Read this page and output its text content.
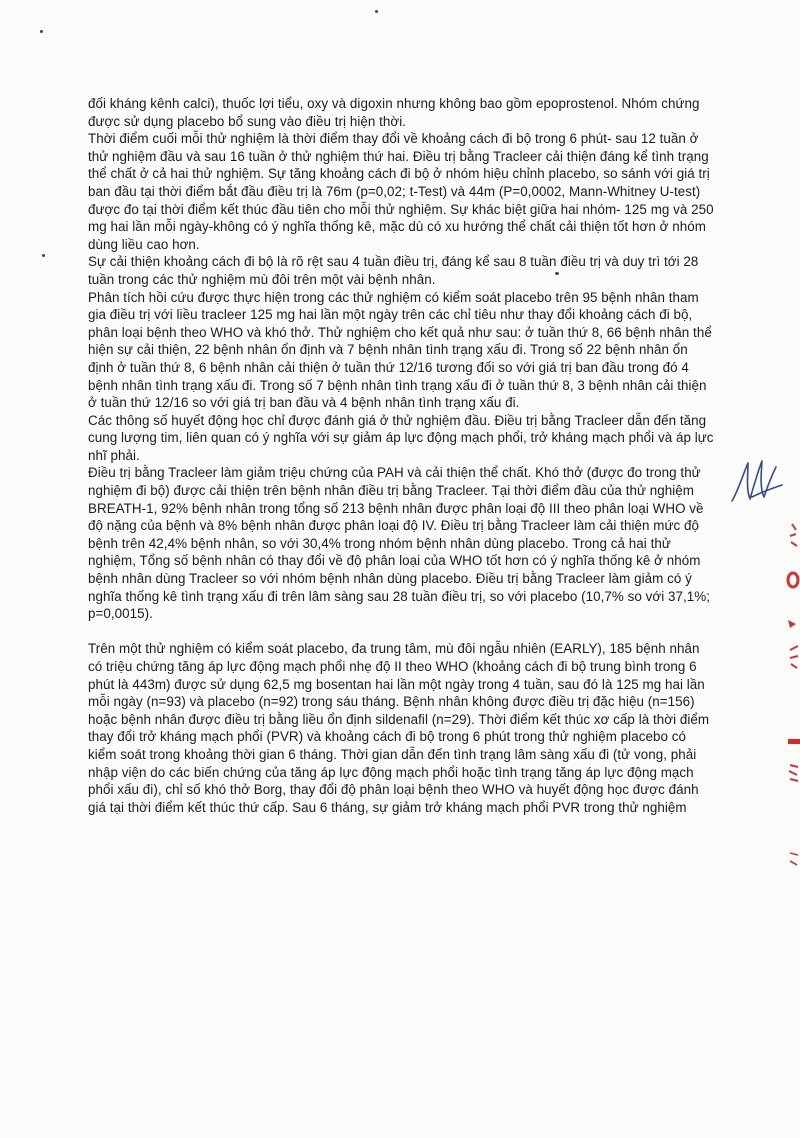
đối kháng kênh calci), thuốc lợi tiểu, oxy và digoxin nhưng không bao gồm epoprostenol. Nhóm chứng được sử dụng placebo bổ sung vào điều trị hiện thời.

Thời điểm cuối mỗi thử nghiệm là thời điểm thay đổi về khoảng cách đi bộ trong 6 phút- sau 12 tuần ở thử nghiệm đầu và sau 16 tuần ở thử nghiệm thứ hai. Điều trị bằng Tracleer cải thiện đáng kể tình trạng thể chất ở cả hai thử nghiệm. Sự tăng khoảng cách đi bộ ở nhóm hiệu chỉnh placebo, so sánh với giá trị ban đầu tại thời điểm bắt đầu điều trị là 76m (p=0,02; t-Test) và 44m (P=0,0002, Mann-Whitney U-test) được đo tại thời điểm kết thúc đầu tiên cho mỗi thử nghiệm. Sự khác biệt giữa hai nhóm- 125 mg và 250 mg hai lần mỗi ngày-không có ý nghĩa thống kê, mặc dù có xu hướng thể chất cải thiện tốt hơn ở nhóm dùng liều cao hơn.

Sự cải thiện khoảng cách đi bộ là rõ rệt sau 4 tuần điều trị, đáng kể sau 8 tuần điều trị và duy trì tới 28 tuần trong các thử nghiệm mù đôi trên một vài bệnh nhân.

Phân tích hồi cứu được thực hiện trong các thử nghiệm có kiểm soát placebo trên 95 bệnh nhân tham gia điều trị với liều tracleer 125 mg hai lần một ngày trên các chỉ tiêu như thay đổi khoảng cách đi bộ, phân loại bệnh theo WHO và khó thở. Thử nghiệm cho kết quả như sau: ở tuần thứ 8, 66 bệnh nhân thể hiện sự cải thiện, 22 bệnh nhân ổn định và 7 bệnh nhân tình trạng xấu đi. Trong số 22 bệnh nhân ổn định ở tuần thứ 8, 6 bệnh nhân cải thiện ở tuần thứ 12/16 tương đối so với giá trị ban đầu trong đó 4 bệnh nhân tình trạng xấu đi. Trong số 7 bệnh nhân tình trạng xấu đi ở tuần thứ 8, 3 bệnh nhân cải thiện ở tuần thứ 12/16 so với giá trị ban đầu và 4 bệnh nhân tình trạng xấu đi.

Các thông số huyết động học chỉ được đánh giá ở thử nghiệm đầu. Điều trị bằng Tracleer dẫn đến tăng cung lượng tim, liên quan có ý nghĩa với sự giảm áp lực động mạch phổi, trở kháng mạch phổi và áp lực nhĩ phải.

Điều trị bằng Tracleer làm giảm triệu chứng của PAH và cải thiện thể chất. Khó thở (được đo trong thử nghiệm đi bộ) được cải thiện trên bệnh nhân điều trị bằng Tracleer. Tại thời điểm đầu của thử nghiệm BREATH-1, 92% bệnh nhân trong tổng số 213 bệnh nhân được phân loại độ III theo phân loại WHO về độ nặng của bệnh và 8% bệnh nhân được phân loại độ IV. Điều trị bằng Tracleer làm cải thiện mức độ bệnh trên 42,4% bệnh nhân, so với 30,4% trong nhóm bệnh nhân dùng placebo. Trong cả hai thử nghiệm, Tổng số bệnh nhân có thay đổi về độ phân loại của WHO tốt hơn có ý nghĩa thống kê ở nhóm bệnh nhân dùng Tracleer so với nhóm bệnh nhân dùng placebo. Điều trị bằng Tracleer làm giảm có ý nghĩa thống kê tình trạng xấu đi trên lâm sàng sau 28 tuần điều trị, so với placebo (10,7% so với 37,1%; p=0,0015).

Trên một thử nghiệm có kiểm soát placebo, đa trung tâm, mù đôi ngẫu nhiên (EARLY), 185 bệnh nhân có triệu chứng tăng áp lực động mạch phổi nhẹ độ II theo WHO (khoảng cách đi bộ trung bình trong 6 phút là 443m) được sử dụng 62,5 mg bosentan hai lần một ngày trong 4 tuần, sau đó là 125 mg hai lần mỗi ngày (n=93) và placebo (n=92) trong sáu tháng. Bệnh nhân không được điều trị đặc hiệu (n=156) hoặc bệnh nhân được điều trị bằng liều ổn định sildenafil (n=29). Thời điểm kết thúc xơ cấp là thời điểm thay đổi trở kháng mạch phổi (PVR) và khoảng cách đi bộ trong 6 phút trong thử nghiệm placebo có kiểm soát trong khoảng thời gian 6 tháng. Thời gian dẫn đến tình trạng lâm sàng xấu đi (tử vong, phải nhập viện do các biến chứng của tăng áp lực động mạch phổi hoặc tình trạng tăng áp lực động mạch phổi xấu đi), chỉ số khó thở Borg, thay đổi độ phân loại bệnh theo WHO và huyết động học được đánh giá tại thời điểm kết thúc thứ cấp. Sau 6 tháng, sự giảm trở kháng mạch phổi PVR trong thử nghiệm
